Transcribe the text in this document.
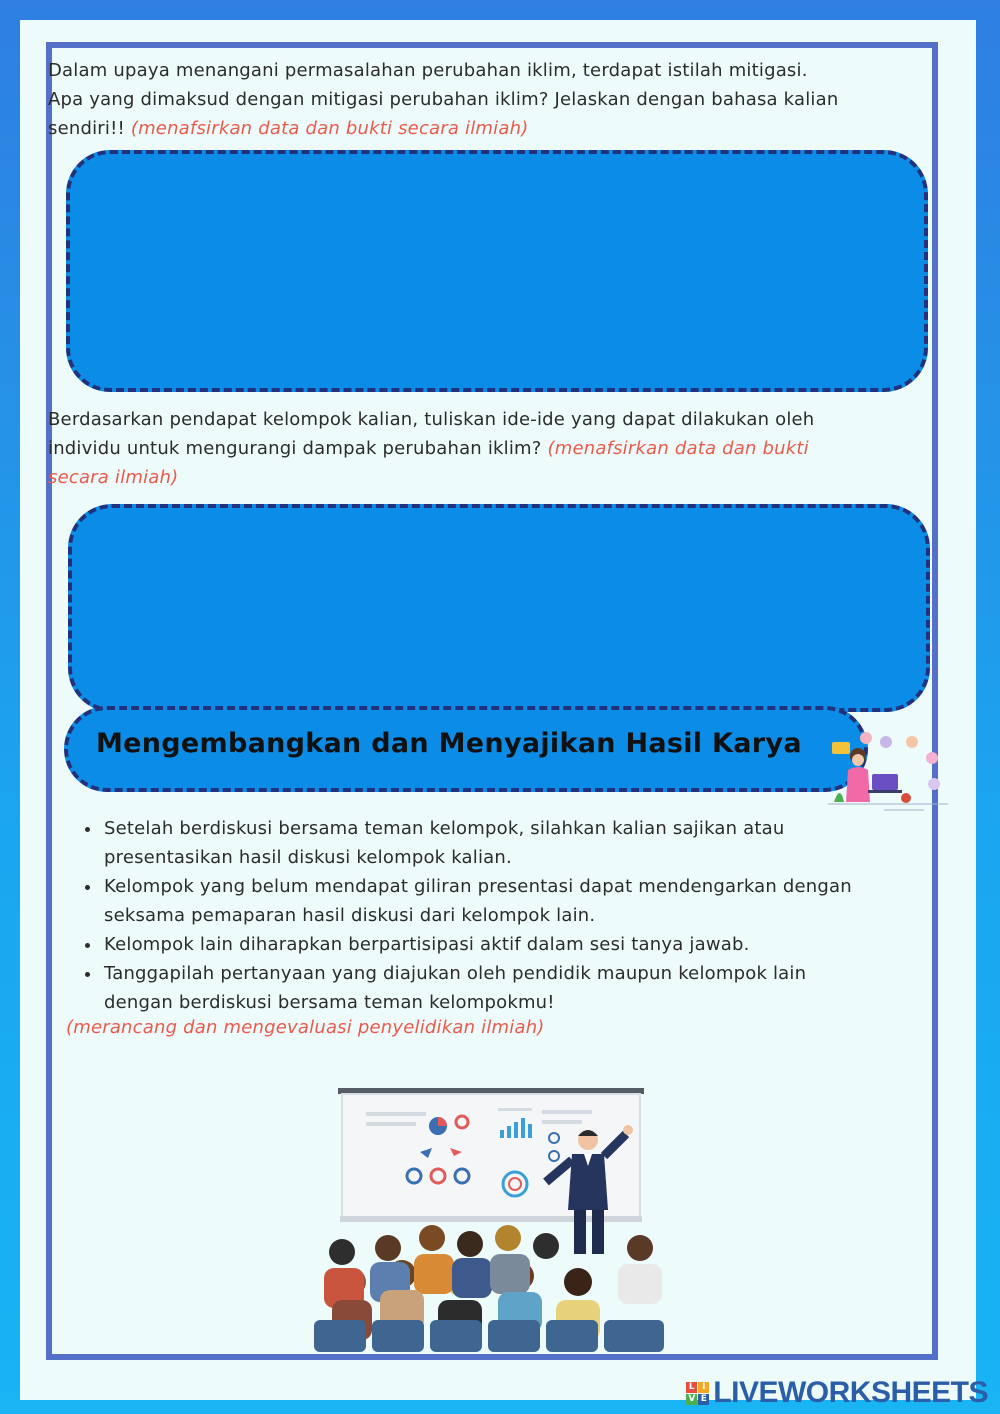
Dalam upaya menangani permasalahan perubahan iklim, terdapat istilah mitigasi.
Apa yang dimaksud dengan mitigasi perubahan iklim? Jelaskan dengan bahasa kalian
sendiri!! (menafsirkan data dan bukti secara ilmiah)
Berdasarkan pendapat kelompok kalian, tuliskan ide-ide yang dapat dilakukan oleh
individu untuk mengurangi dampak perubahan iklim? (menafsirkan data dan bukti
secara ilmiah)
Mengembangkan dan Menyajikan Hasil Karya
• Setelah berdiskusi bersama teman kelompok, silahkan kalian sajikan atau
presentasikan hasil diskusi kelompok kalian.
• Kelompok yang belum mendapat giliran presentasi dapat mendengarkan dengan
seksama pemaparan hasil diskusi dari kelompok lain.
• Kelompok lain diharapkan berpartisipasi aktif dalam sesi tanya jawab.
• Tanggapilah pertanyaan yang diajukan oleh pendidik maupun kelompok lain
dengan berdiskusi bersama teman kelompokmu!
(merancang dan mengevaluasi penyelidikan ilmiah)
L I
V E LIVEWORKSHEETS
